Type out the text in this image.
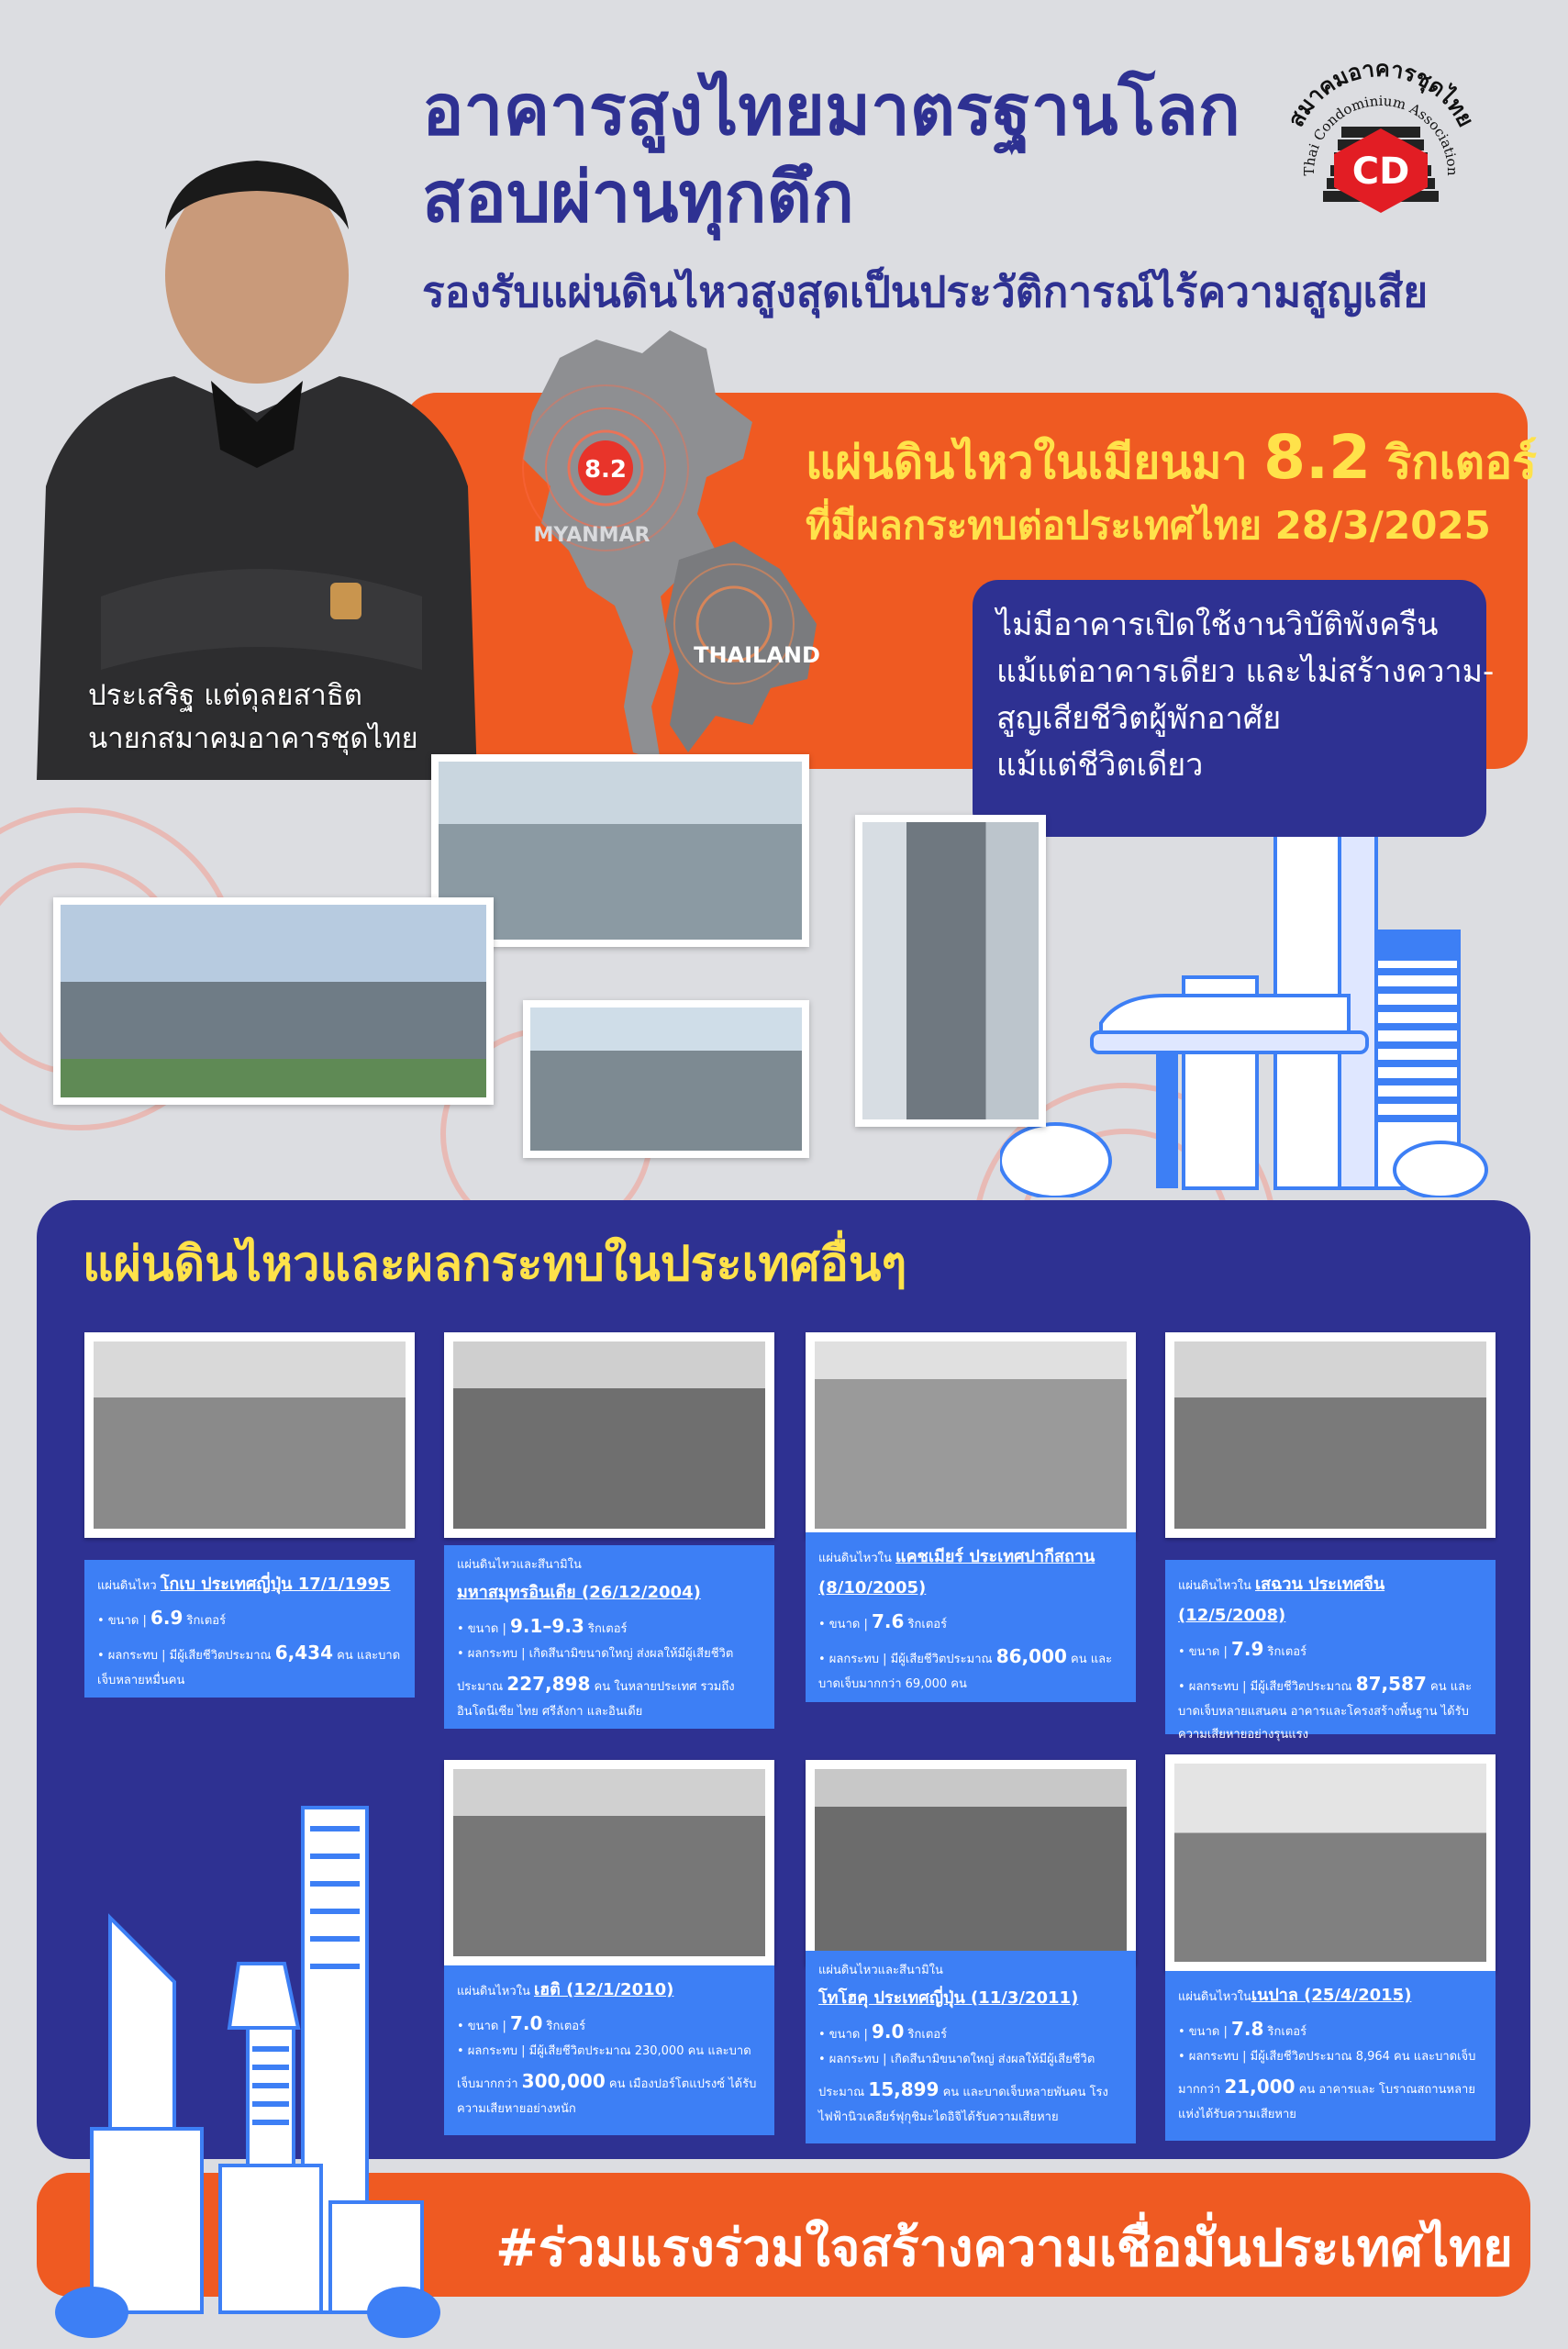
อาคารสูงไทยมาตรฐานโลก
สอบผ่านทุกตึก
รองรับแผ่นดินไหวสูงสุดเป็นประวัติการณ์ไร้ความสูญเสีย
สมาคมอาคารชุดไทย
Thai Condominium Association
CD
8.2
MYANMAR
THAILAND
ประเสริฐ แต่ดุลยสาธิต
นายกสมาคมอาคารชุดไทย
แผ่นดินไหวในเมียนมา 8.2 ริกเตอร์
ที่มีผลกระทบต่อประเทศไทย 28/3/2025
ไม่มีอาคารเปิดใช้งานวิบัติพังครืน
แม้แต่อาคารเดียว และไม่สร้างความ-
สูญเสียชีวิตผู้พักอาศัย
แม้แต่ชีวิตเดียว
แผ่นดินไหวและผลกระทบในประเทศอื่นๆ
แผ่นดินไหว โกเบ ประเทศญี่ปุ่น 17/1/1995
• ขนาด | 6.9 ริกเตอร์
• ผลกระทบ | มีผู้เสียชีวิตประมาณ 6,434 คน และบาดเจ็บหลายหมื่นคน
แผ่นดินไหวและสึนามิใน
มหาสมุทรอินเดีย (26/12/2004)
• ขนาด | 9.1–9.3 ริกเตอร์
• ผลกระทบ | เกิดสึนามิขนาดใหญ่ ส่งผลให้มีผู้เสียชีวิต ประมาณ 227,898 คน ในหลายประเทศ รวมถึง อินโดนีเซีย ไทย ศรีลังกา และอินเดีย
แผ่นดินไหวใน แคชเมียร์ ประเทศปากีสถาน (8/10/2005)
• ขนาด | 7.6 ริกเตอร์
• ผลกระทบ | มีผู้เสียชีวิตประมาณ 86,000 คน และบาดเจ็บมากกว่า 69,000 คน
แผ่นดินไหวใน เสฉวน ประเทศจีน (12/5/2008)
• ขนาด | 7.9 ริกเตอร์
• ผลกระทบ | มีผู้เสียชีวิตประมาณ 87,587 คน และบาดเจ็บหลายแสนคน อาคารและโครงสร้างพื้นฐาน ได้รับความเสียหายอย่างรุนแรง
แผ่นดินไหวใน เฮติ (12/1/2010)
• ขนาด | 7.0 ริกเตอร์
• ผลกระทบ | มีผู้เสียชีวิตประมาณ 230,000 คน และบาดเจ็บมากกว่า 300,000 คน เมืองปอร์โตแปรงซ์ ได้รับความเสียหายอย่างหนัก
แผ่นดินไหวและสึนามิใน
โทโฮคุ ประเทศญี่ปุ่น (11/3/2011)
• ขนาด | 9.0 ริกเตอร์
• ผลกระทบ | เกิดสึนามิขนาดใหญ่ ส่งผลให้มีผู้เสียชีวิต ประมาณ 15,899 คน และบาดเจ็บหลายพันคน โรงไฟฟ้านิวเคลียร์ฟุกุชิมะไดอิจิได้รับความเสียหาย
แผ่นดินไหวในเนปาล (25/4/2015)
• ขนาด | 7.8 ริกเตอร์
• ผลกระทบ | มีผู้เสียชีวิตประมาณ 8,964 คน และบาดเจ็บมากกว่า 21,000 คน อาคารและ โบราณสถานหลายแห่งได้รับความเสียหาย
#ร่วมแรงร่วมใจสร้างความเชื่อมั่นประเทศไทย
